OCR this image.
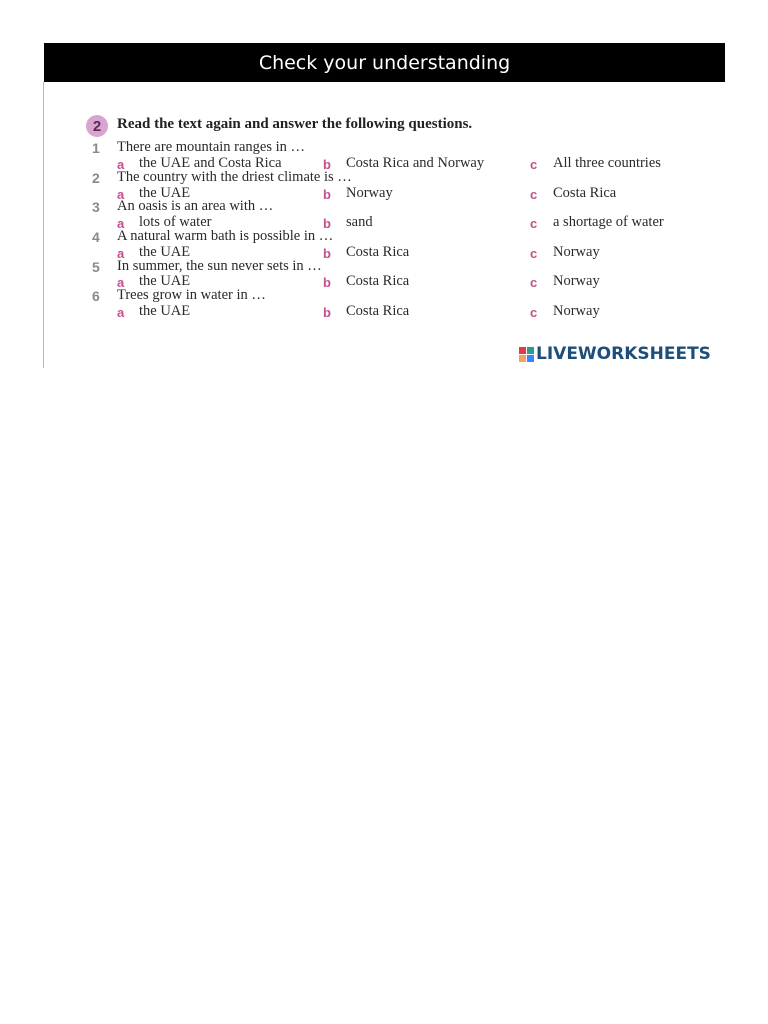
Check your understanding
2	Read the text again and answer the following questions.
1	There are mountain ranges in …
a the UAE and Costa Rica	b Costa Rica and Norway	c All three countries
2	The country with the driest climate is …
a the UAE	b Norway	c Costa Rica
3	An oasis is an area with …
a lots of water	b sand	c a shortage of water
4	A natural warm bath is possible in …
a the UAE	b Costa Rica	c Norway
5	In summer, the sun never sets in …
a the UAE	b Costa Rica	c Norway
6	Trees grow in water in …
a the UAE	b Costa Rica	c Norway
LIVEWORKSHEETS
